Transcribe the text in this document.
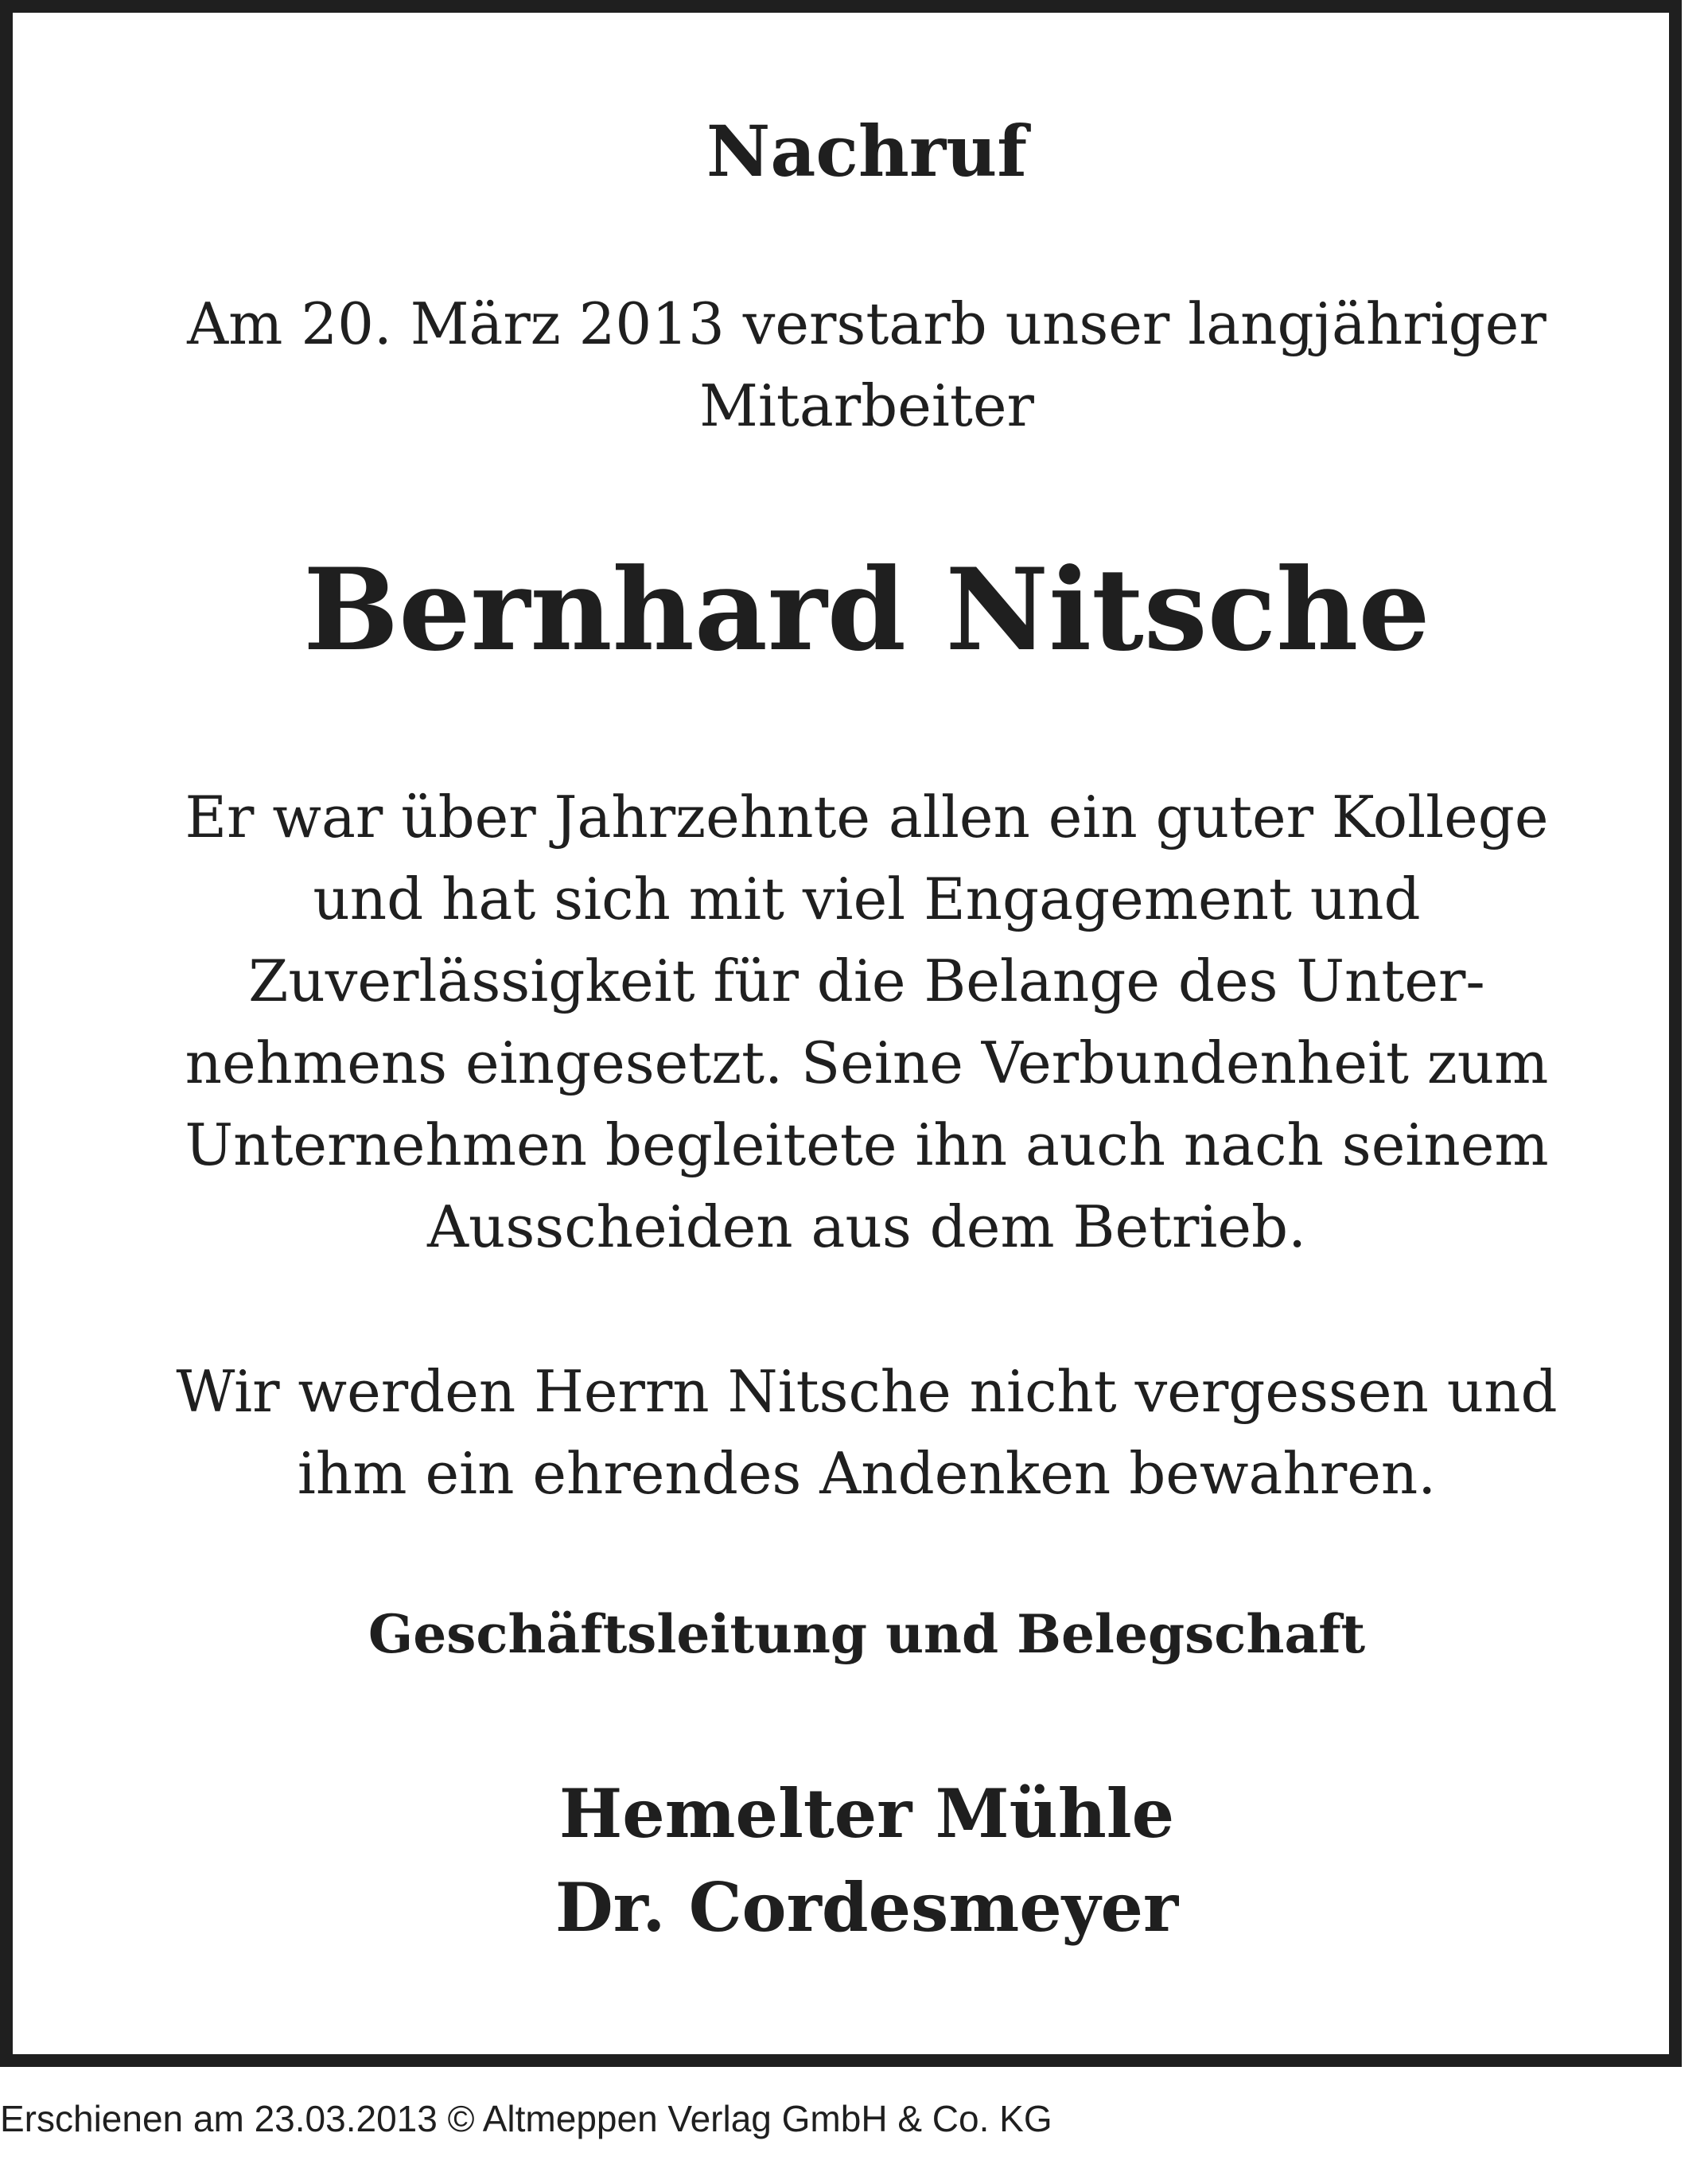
Nachruf
Am 20. März 2013 verstarb unser langjähriger
Mitarbeiter
Bernhard Nitsche
Er war über Jahrzehnte allen ein guter Kollege
und hat sich mit viel Engagement und
Zuverlässigkeit für die Belange des Unter-
nehmens eingesetzt. Seine Verbundenheit zum
Unternehmen begleitete ihn auch nach seinem
Ausscheiden aus dem Betrieb.
Wir werden Herrn Nitsche nicht vergessen und
ihm ein ehrendes Andenken bewahren.
Geschäftsleitung und Belegschaft
Hemelter Mühle
Dr. Cordesmeyer
Erschienen am 23.03.2013 © Altmeppen Verlag GmbH & Co. KG
